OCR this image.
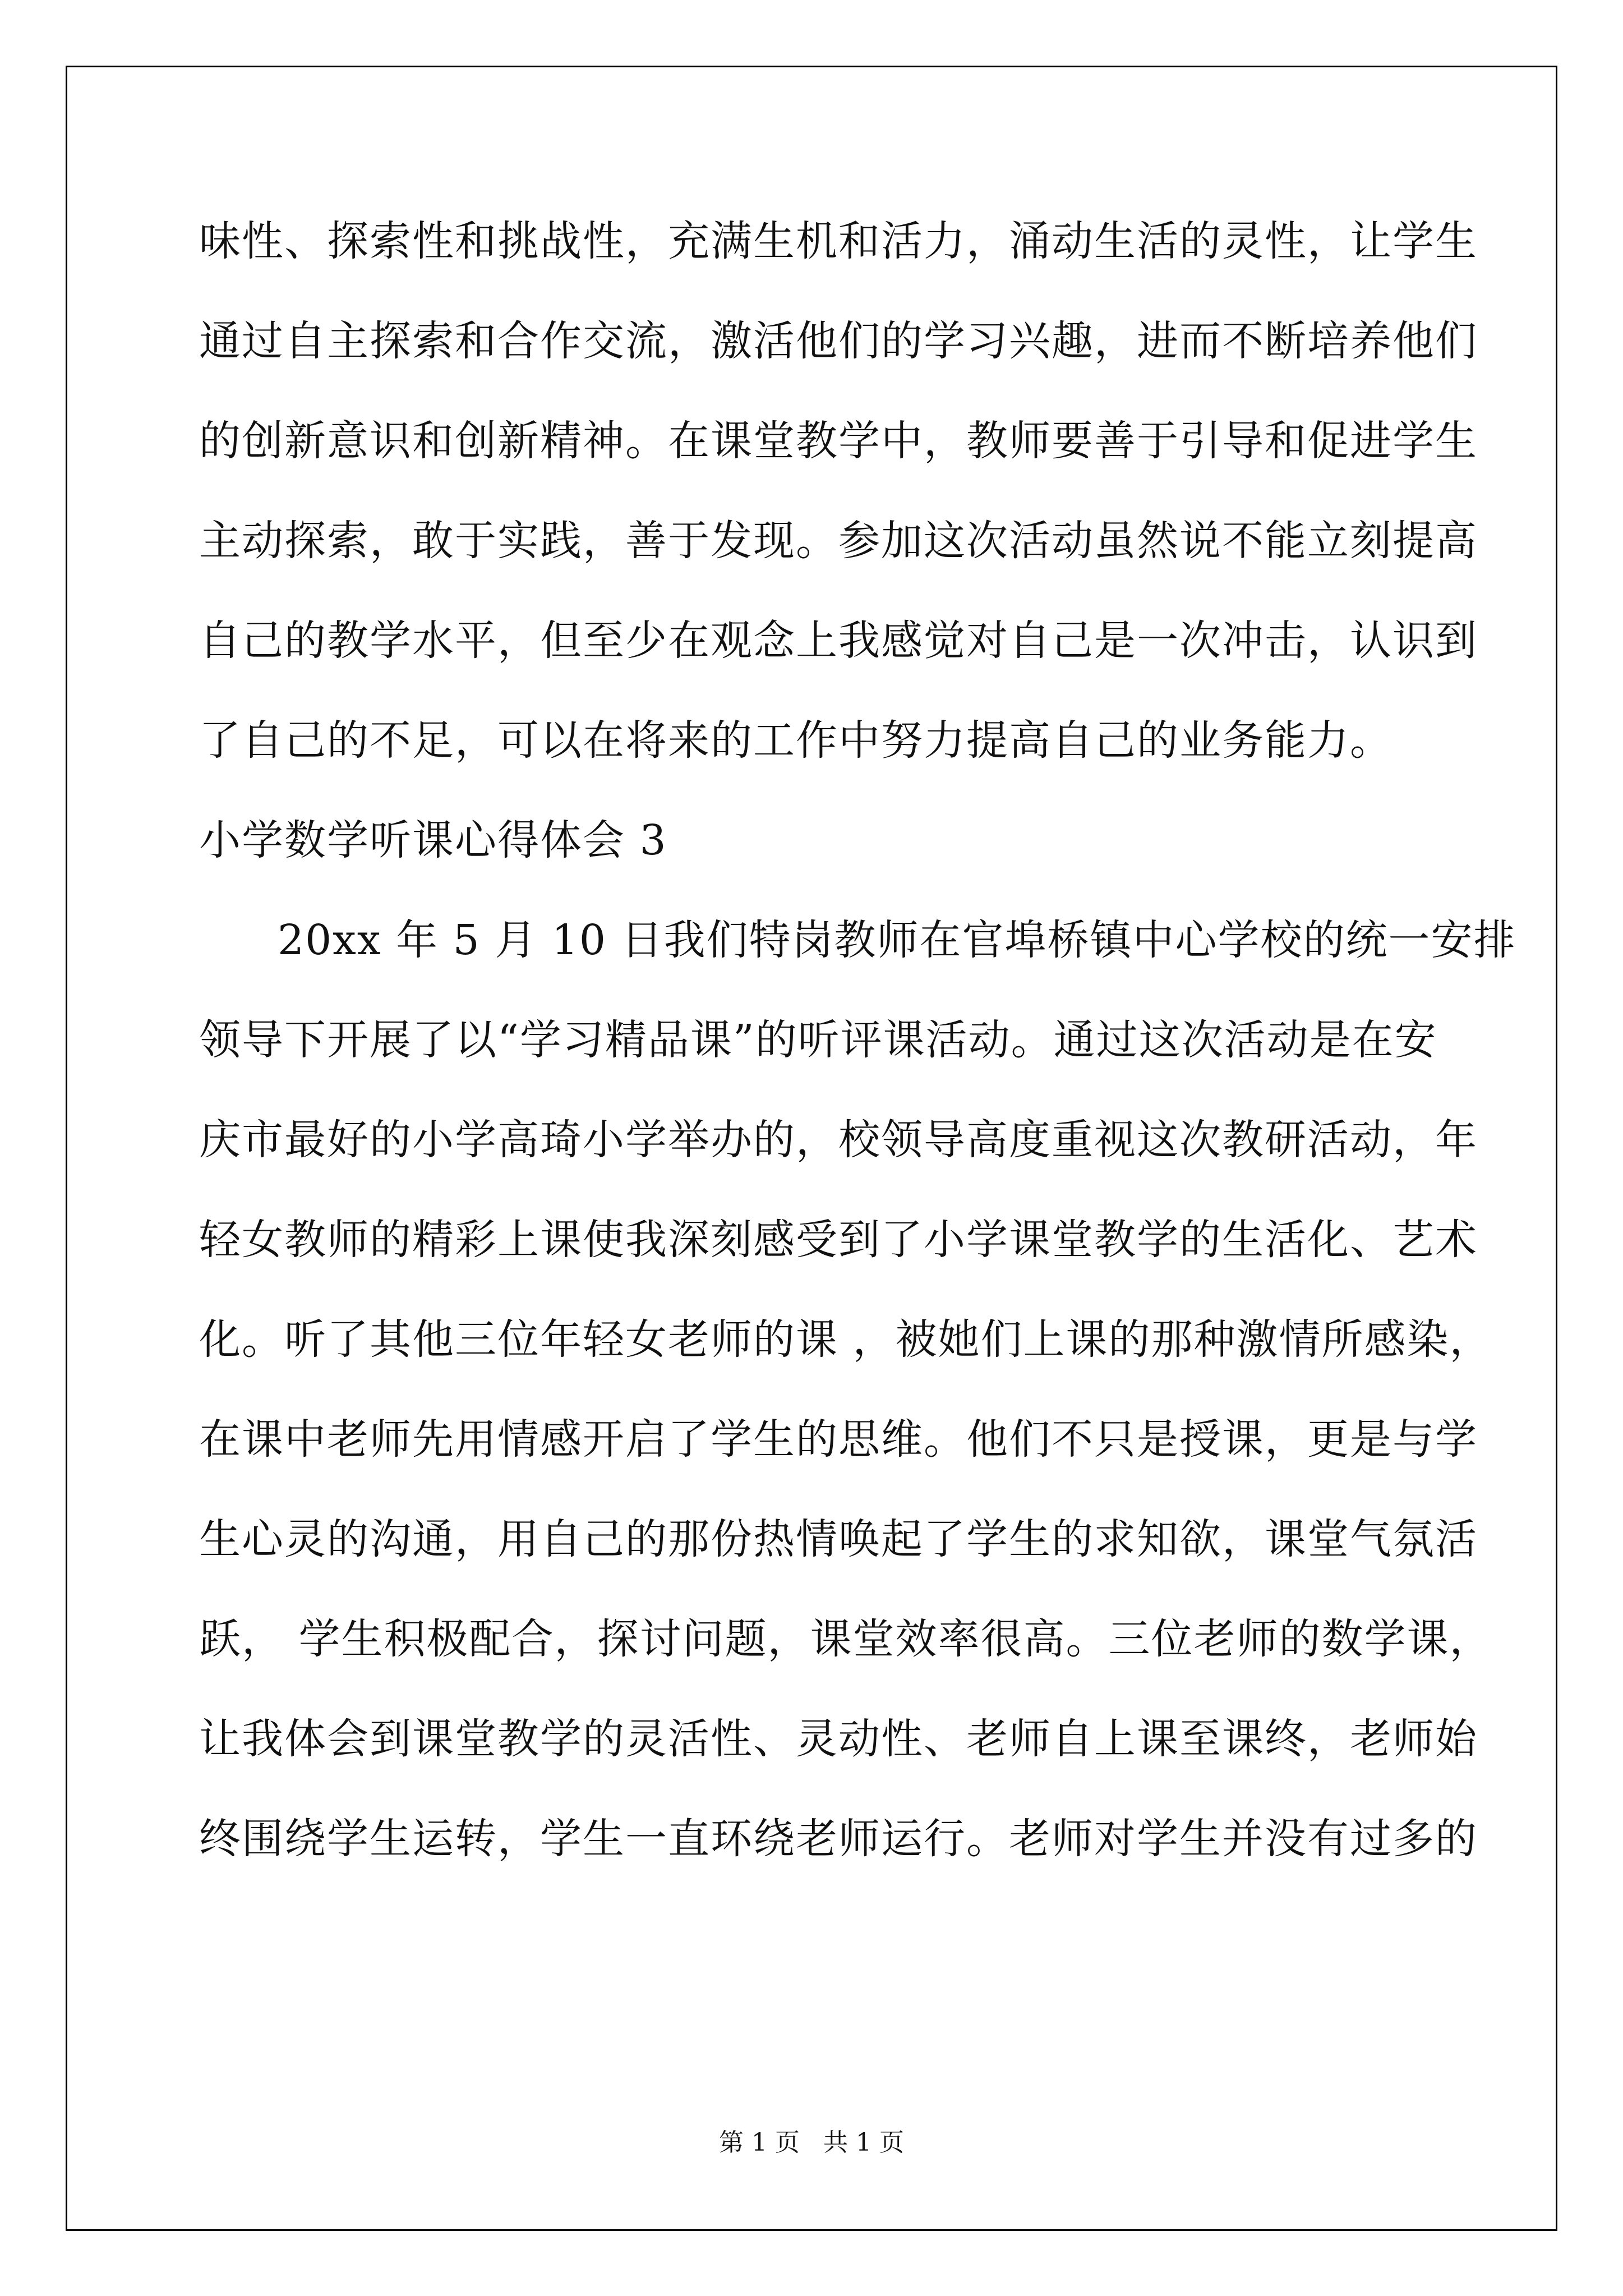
味性、探索性和挑战性，充满生机和活力，涌动生活的灵性，让学生
通过自主探索和合作交流，激活他们的学习兴趣，进而不断培养他们
的创新意识和创新精神。在课堂教学中，教师要善于引导和促进学生
主动探索，敢于实践，善于发现。参加这次活动虽然说不能立刻提高
自己的教学水平，但至少在观念上我感觉对自己是一次冲击，认识到
了自己的不足，可以在将来的工作中努力提高自己的业务能力。
小学数学听课心得体会 3
20xx 年 5 月 10 日我们特岗教师在官埠桥镇中心学校的统一安排
领导下开展了以“学习精品课”的听评课活动。通过这次活动是在安
庆市最好的小学高琦小学举办的，校领导高度重视这次教研活动，年
轻女教师的精彩上课使我深刻感受到了小学课堂教学的生活化、艺术
化。听了其他三位年轻女老师的课 ，被她们上课的那种激情所感染，
在课中老师先用情感开启了学生的思维。他们不只是授课，更是与学
生心灵的沟通，用自己的那份热情唤起了学生的求知欲，课堂气氛活
跃， 学生积极配合，探讨问题，课堂效率很高。三位老师的数学课，
让我体会到课堂教学的灵活性、灵动性、老师自上课至课终，老师始
终围绕学生运转，学生一直环绕老师运行。老师对学生并没有过多的
第 1 页   共 1 页
